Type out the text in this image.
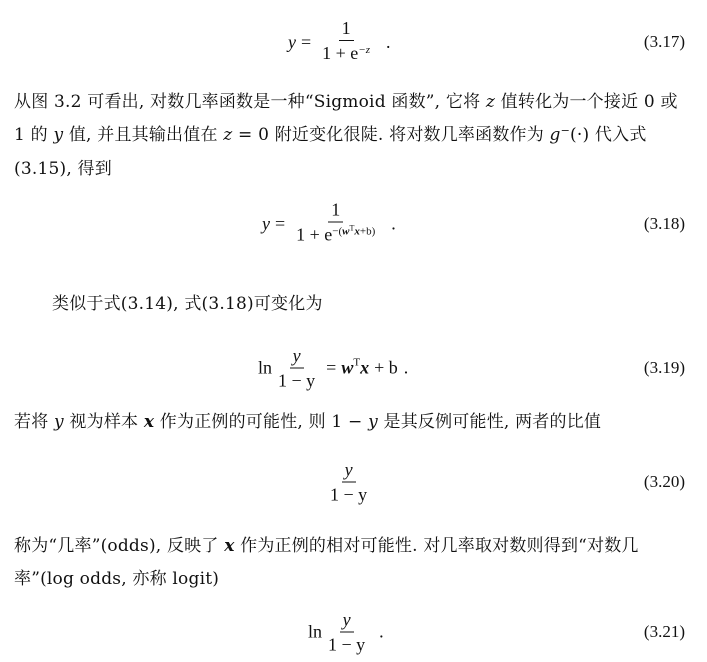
$y = \frac{1}{1 + e^{-z}}$ .	(3.17)
从图 3.2 可看出, 对数几率函数是一种“Sigmoid 函数”, 它将 z 值转化为一个接近 0 或 1 的 y 值, 并且其输出值在 z = 0 附近变化很陡. 将对数几率函数作为 g−(·) 代入式(3.15), 得到
$y = \frac{1}{1 + e^{-(w^Tx+b)}}$ .	(3.18)
类似于式(3.14), 式(3.18)可变化为
$\ln \frac{y}{1 - y} = w^T$ x + b .	(3.19)
若将 y 视为样本 x 作为正例的可能性, 则 1 − y 是其反例可能性, 两者的比值
$\frac{y}{1 - y}$	(3.20)
称为“几率”(odds), 反映了 x 作为正例的相对可能性. 对几率取对数则得到“对数几率”(log odds, 亦称 logit)
$\ln \frac{y}{1 - y}$ .	(3.21)
